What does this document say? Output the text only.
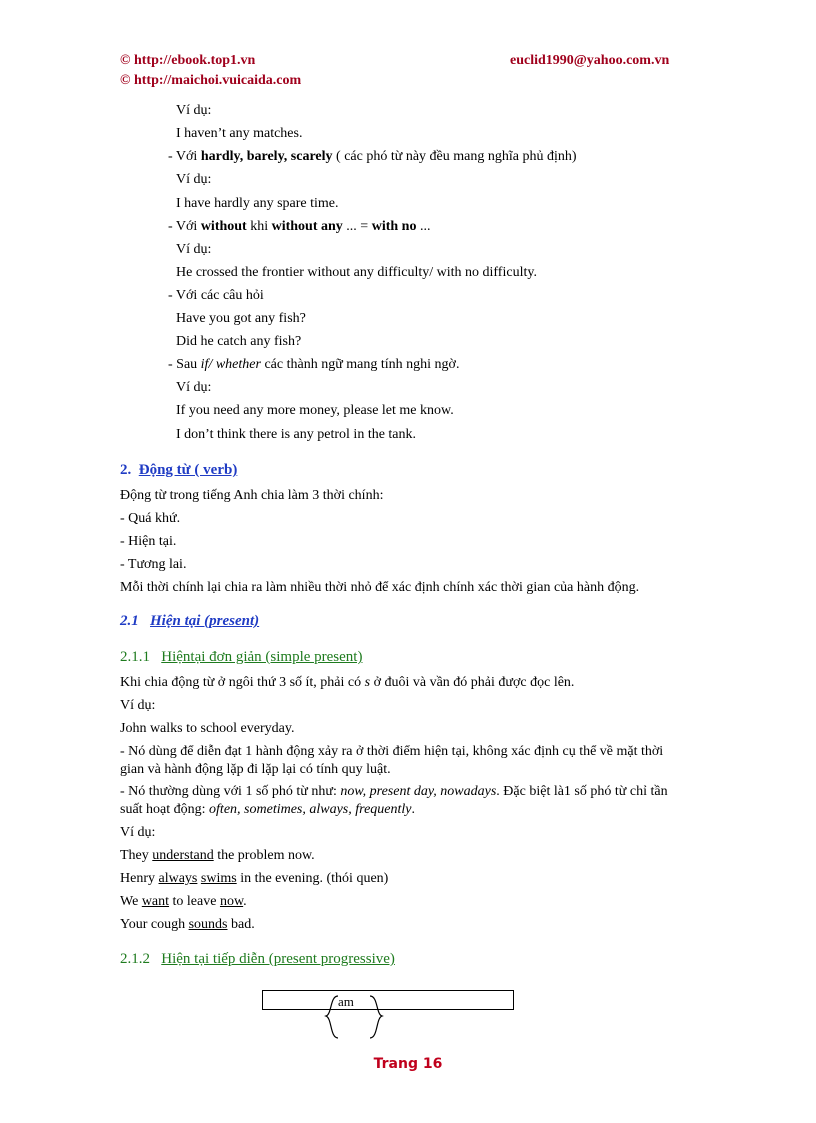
© http://ebook.top1.vn
© http://maichoi.vuicaida.com
euclid1990@yahoo.com.vn
Ví dụ:
I haven’t any matches.
- Với hardly, barely, scarely ( các phó từ này đều mang nghĩa phủ định)
Ví dụ:
I have hardly any spare time.
- Với without khi without any ... = with no ...
Ví dụ:
He crossed the frontier without any difficulty/ with no difficulty.
- Với các câu hỏi
Have you got any fish?
Did he catch any fish?
- Sau if/ whether các thành ngữ mang tính nghi ngờ.
Ví dụ:
If you need any more money, please let me know.
I don’t think there is any petrol in the tank.
2. Động từ ( verb)
Động từ trong tiếng Anh chia làm 3 thời chính:
- Quá khứ.
- Hiện tại.
- Tương lai.
Mỗi thời chính lại chia ra làm nhiều thời nhỏ để xác định chính xác thời gian của hành động.
2.1 Hiện tại (present)
2.1.1 Hiệntại đơn giản (simple present)
Khi chia động từ ở ngôi thứ 3 số ít, phải có s ở đuôi và vần đó phải được đọc lên.
Ví dụ:
John walks to school everyday.
- Nó dùng để diễn đạt 1 hành động xảy ra ở thời điểm hiện tại, không xác định cụ thể về mặt thời
gian và hành động lặp đi lặp lại có tính quy luật.
- Nó thường dùng với 1 số phó từ như: now, present day, nowadays. Đặc biệt là1 số phó từ chỉ tần
suất hoạt động: often, sometimes, always, frequently.
Ví dụ:
They understand the problem now.
Henry always swims in the evening. (thói quen)
We want to leave now.
Your cough sounds bad.
2.1.2 Hiện tại tiếp diễn (present progressive)
am
Trang 16
